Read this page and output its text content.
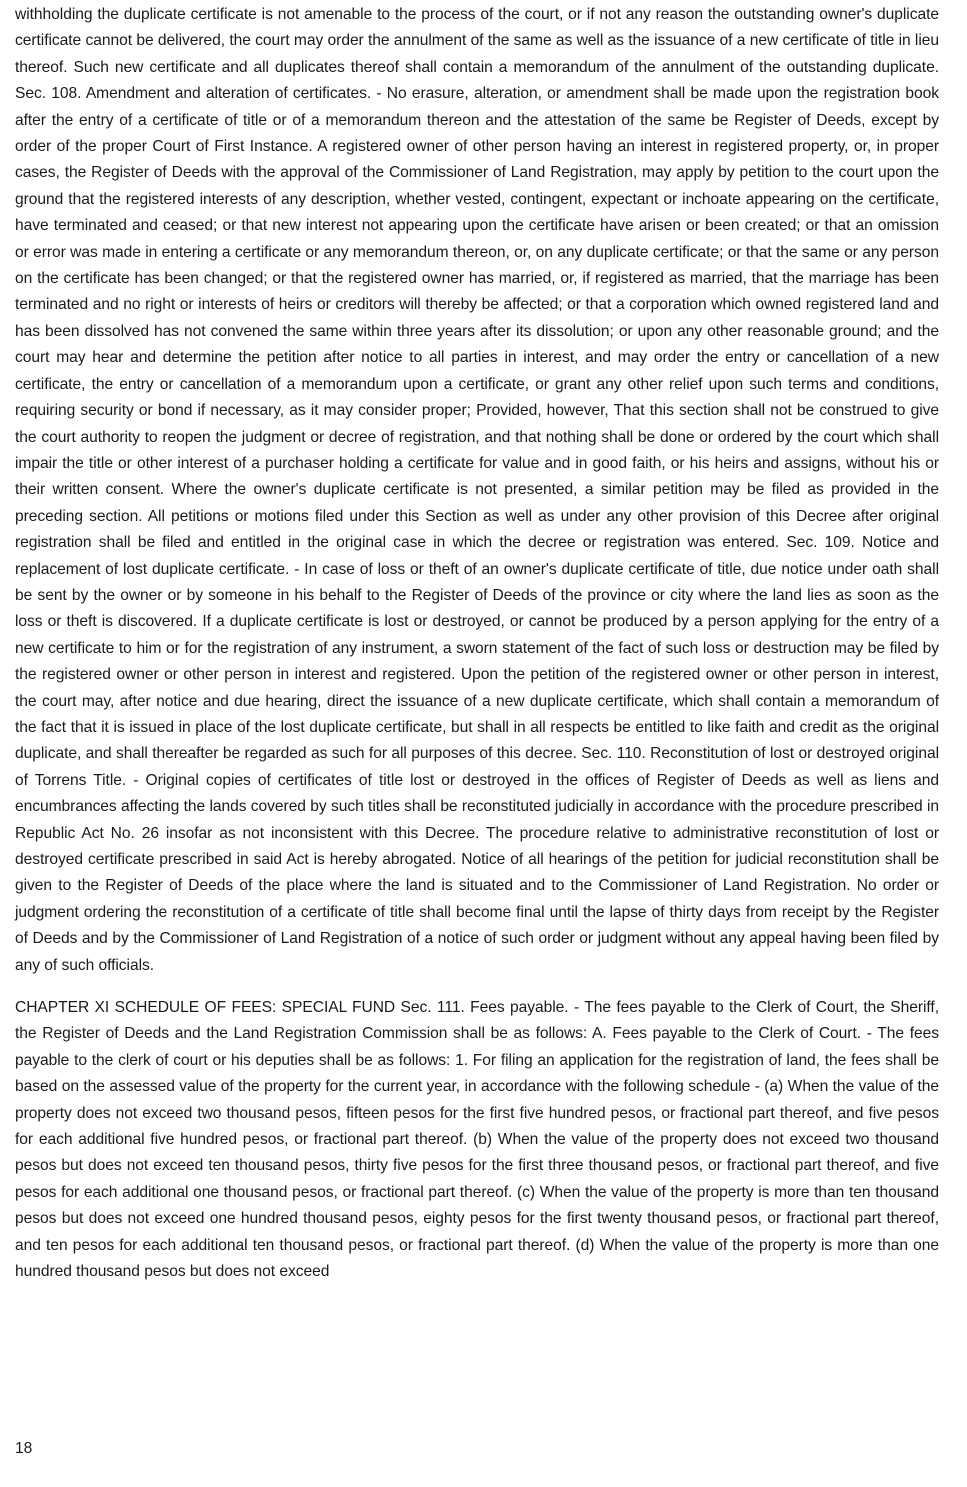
withholding the duplicate certificate is not amenable to the process of the court, or if not any reason the outstanding owner's duplicate certificate cannot be delivered, the court may order the annulment of the same as well as the issuance of a new certificate of title in lieu thereof. Such new certificate and all duplicates thereof shall contain a memorandum of the annulment of the outstanding duplicate. Sec. 108. Amendment and alteration of certificates. - No erasure, alteration, or amendment shall be made upon the registration book after the entry of a certificate of title or of a memorandum thereon and the attestation of the same be Register of Deeds, except by order of the proper Court of First Instance. A registered owner of other person having an interest in registered property, or, in proper cases, the Register of Deeds with the approval of the Commissioner of Land Registration, may apply by petition to the court upon the ground that the registered interests of any description, whether vested, contingent, expectant or inchoate appearing on the certificate, have terminated and ceased; or that new interest not appearing upon the certificate have arisen or been created; or that an omission or error was made in entering a certificate or any memorandum thereon, or, on any duplicate certificate; or that the same or any person on the certificate has been changed; or that the registered owner has married, or, if registered as married, that the marriage has been terminated and no right or interests of heirs or creditors will thereby be affected; or that a corporation which owned registered land and has been dissolved has not convened the same within three years after its dissolution; or upon any other reasonable ground; and the court may hear and determine the petition after notice to all parties in interest, and may order the entry or cancellation of a new certificate, the entry or cancellation of a memorandum upon a certificate, or grant any other relief upon such terms and conditions, requiring security or bond if necessary, as it may consider proper; Provided, however, That this section shall not be construed to give the court authority to reopen the judgment or decree of registration, and that nothing shall be done or ordered by the court which shall impair the title or other interest of a purchaser holding a certificate for value and in good faith, or his heirs and assigns, without his or their written consent. Where the owner's duplicate certificate is not presented, a similar petition may be filed as provided in the preceding section. All petitions or motions filed under this Section as well as under any other provision of this Decree after original registration shall be filed and entitled in the original case in which the decree or registration was entered. Sec. 109. Notice and replacement of lost duplicate certificate. - In case of loss or theft of an owner's duplicate certificate of title, due notice under oath shall be sent by the owner or by someone in his behalf to the Register of Deeds of the province or city where the land lies as soon as the loss or theft is discovered. If a duplicate certificate is lost or destroyed, or cannot be produced by a person applying for the entry of a new certificate to him or for the registration of any instrument, a sworn statement of the fact of such loss or destruction may be filed by the registered owner or other person in interest and registered. Upon the petition of the registered owner or other person in interest, the court may, after notice and due hearing, direct the issuance of a new duplicate certificate, which shall contain a memorandum of the fact that it is issued in place of the lost duplicate certificate, but shall in all respects be entitled to like faith and credit as the original duplicate, and shall thereafter be regarded as such for all purposes of this decree. Sec. 110. Reconstitution of lost or destroyed original of Torrens Title. - Original copies of certificates of title lost or destroyed in the offices of Register of Deeds as well as liens and encumbrances affecting the lands covered by such titles shall be reconstituted judicially in accordance with the procedure prescribed in Republic Act No. 26 insofar as not inconsistent with this Decree. The procedure relative to administrative reconstitution of lost or destroyed certificate prescribed in said Act is hereby abrogated. Notice of all hearings of the petition for judicial reconstitution shall be given to the Register of Deeds of the place where the land is situated and to the Commissioner of Land Registration. No order or judgment ordering the reconstitution of a certificate of title shall become final until the lapse of thirty days from receipt by the Register of Deeds and by the Commissioner of Land Registration of a notice of such order or judgment without any appeal having been filed by any of such officials.

CHAPTER XI SCHEDULE OF FEES: SPECIAL FUND Sec. 111. Fees payable. - The fees payable to the Clerk of Court, the Sheriff, the Register of Deeds and the Land Registration Commission shall be as follows: A. Fees payable to the Clerk of Court. - The fees payable to the clerk of court or his deputies shall be as follows: 1. For filing an application for the registration of land, the fees shall be based on the assessed value of the property for the current year, in accordance with the following schedule - (a) When the value of the property does not exceed two thousand pesos, fifteen pesos for the first five hundred pesos, or fractional part thereof, and five pesos for each additional five hundred pesos, or fractional part thereof. (b) When the value of the property does not exceed two thousand pesos but does not exceed ten thousand pesos, thirty five pesos for the first three thousand pesos, or fractional part thereof, and five pesos for each additional one thousand pesos, or fractional part thereof. (c) When the value of the property is more than ten thousand pesos but does not exceed one hundred thousand pesos, eighty pesos for the first twenty thousand pesos, or fractional part thereof, and ten pesos for each additional ten thousand pesos, or fractional part thereof. (d) When the value of the property is more than one hundred thousand pesos but does not exceed

18
